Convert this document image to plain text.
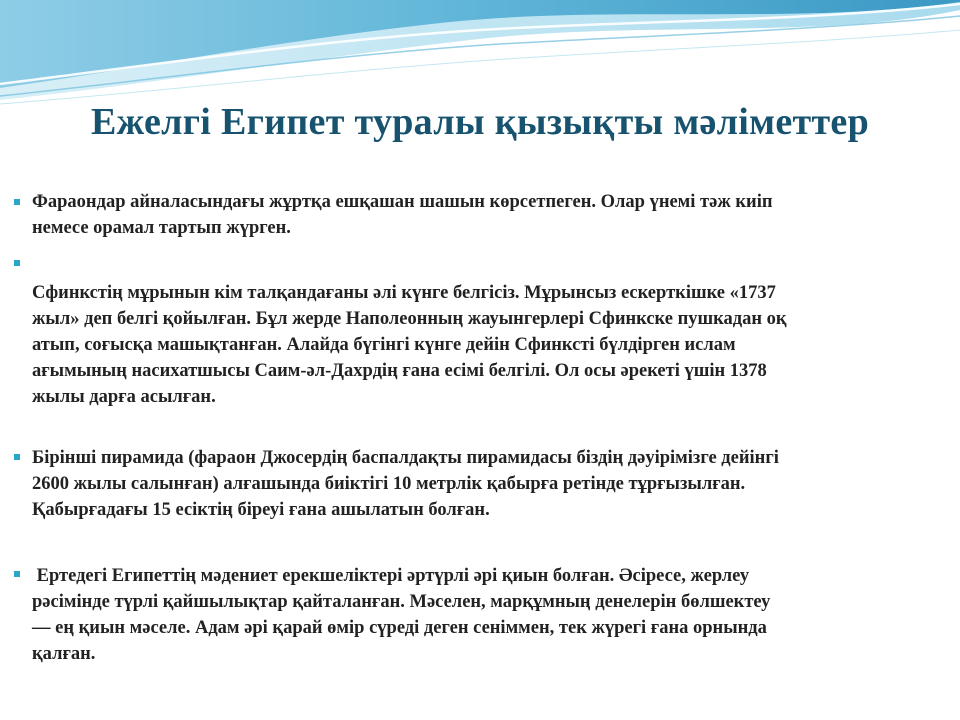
Ежелгі Египет туралы қызықты мәліметтер

Фараондар айналасындағы жұртқа ешқашан шашын көрсетпеген. Олар үнемі тәж киіп
немесе орамал тартып жүрген.

Сфинкстің мұрынын кім талқандағаны әлі күнге белгісіз. Мұрынсыз ескерткішке «1737
жыл» деп белгі қойылған. Бұл жерде Наполеонның жауынгерлері Сфинкске пушкадан оқ
атып, соғысқа машықтанған. Алайда бүгінгі күнге дейін Сфинксті бүлдірген ислам
ағымының насихатшысы Саим-әл-Дахрдің ғана есімі белгілі. Ол осы әрекеті үшін 1378
жылы дарға асылған.

Бірінші пирамида (фараон Джосердің баспалдақты пирамидасы біздің дәуірімізге дейінгі
2600 жылы салынған) алғашында биіктігі 10 метрлік қабырға ретінде тұрғызылған.
Қабырғадағы 15 есіктің біреуі ғана ашылатын болған.

Ертедегі Египеттің мәдениет ерекшеліктері әртүрлі әрі қиын болған. Әсіресе, жерлеу
рәсімінде түрлі қайшылықтар қайталанған. Мәселен, марқұмның денелерін бөлшектеу
— ең қиын мәселе. Адам әрі қарай өмір сүреді деген сеніммен, тек жүрегі ғана орнында
қалған.
